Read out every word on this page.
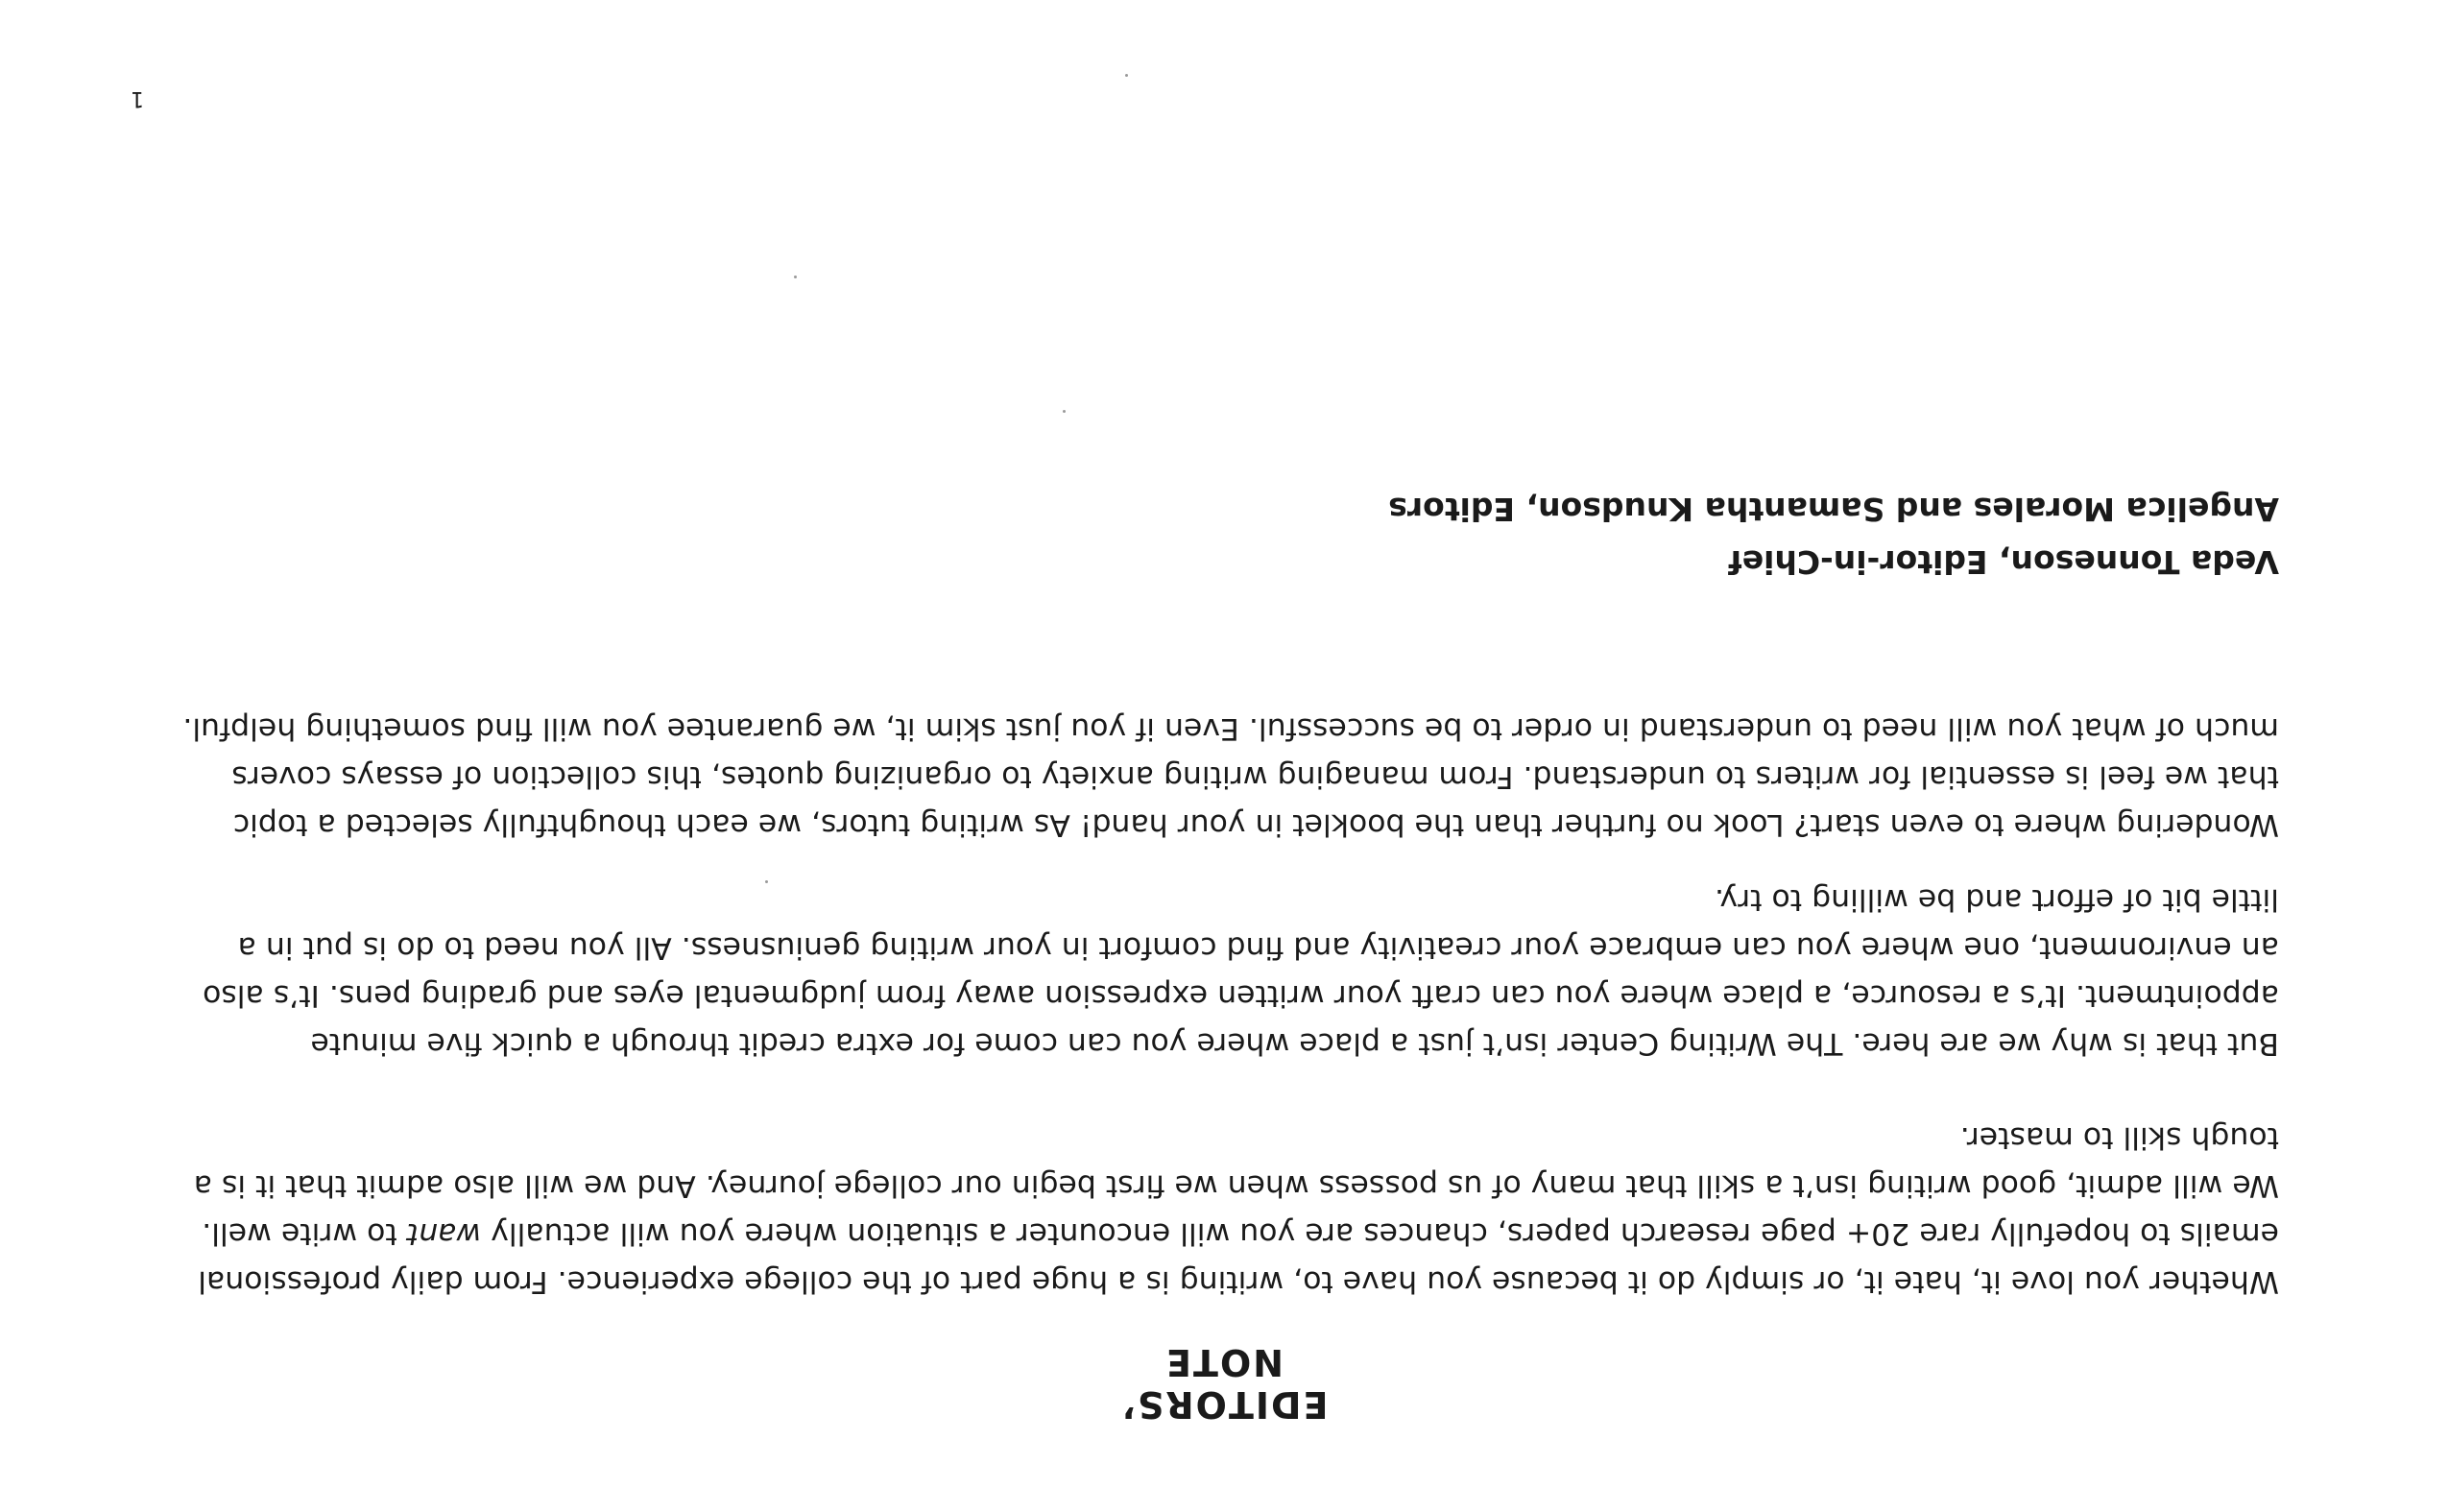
EDITORS’ NOTE

Whether you love it, hate it, or simply do it because you have to, writing is a huge part of the college experience. From daily professional emails to hopefully rare 20+ page research papers, chances are you will encounter a situation where you will actually want to write well. We will admit, good writing isn’t a skill that many of us possess when we first begin our college journey. And we will also admit that it is a tough skill to master.

But that is why we are here. The Writing Center isn’t just a place where you can come for extra credit through a quick five minute appointment. It’s a resource, a place where you can craft your written expression away from judgmental eyes and grading pens. It’s also an environment, one where you can embrace your creativity and find comfort in your writing geniusness. All you need to do is put in a little bit of effort and be willing to try.

Wondering where to even start? Look no further than the booklet in your hand! As writing tutors, we each thoughtfully selected a topic that we feel is essential for writers to understand. From managing writing anxiety to organizing quotes, this collection of essays covers much of what you will need to understand in order to be successful. Even if you just skim it, we guarantee you will find something helpful.

Veda Tonneson, Editor-in-Chief
Angelica Morales and Samantha Knudson, Editors
1
